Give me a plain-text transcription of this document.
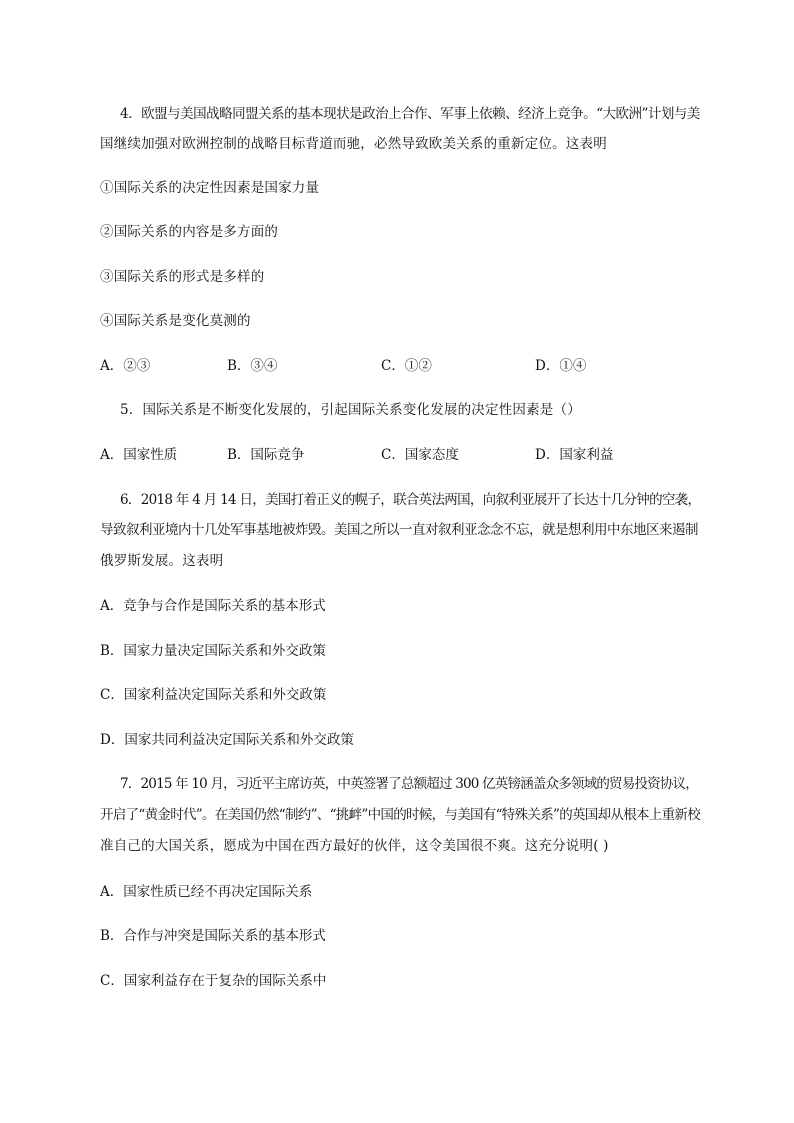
4．欧盟与美国战略同盟关系的基本现状是政治上合作、军事上依赖、经济上竞争。“大欧洲”计划与美
国继续加强对欧洲控制的战略目标背道而驰，必然导致欧美关系的重新定位。这表明
①国际关系的决定性因素是国家力量
②国际关系的内容是多方面的
③国际关系的形式是多样的
④国际关系是变化莫测的
A．②③	B．③④	C．①②	D．①④
5．国际关系是不断变化发展的，引起国际关系变化发展的决定性因素是（）
A．国家性质	B．国际竞争	C．国家态度	D．国家利益
6．2018 年 4 月 14 日，美国打着正义的幌子，联合英法两国，向叙利亚展开了长达十几分钟的空袭，
导致叙利亚境内十几处军事基地被炸毁。美国之所以一直对叙利亚念念不忘，就是想利用中东地区来遏制
俄罗斯发展。这表明
A．竞争与合作是国际关系的基本形式
B．国家力量决定国际关系和外交政策
C．国家利益决定国际关系和外交政策
D．国家共同利益决定国际关系和外交政策
7．2015 年 10 月，习近平主席访英，中英签署了总额超过 300 亿英镑涵盖众多领域的贸易投资协议，
开启了“黄金时代”。在美国仍然“制约”、“挑衅”中国的时候，与美国有“特殊关系”的英国却从根本上重新校
准自己的大国关系，愿成为中国在西方最好的伙伴，这令美国很不爽。这充分说明( )
A．国家性质已经不再决定国际关系
B．合作与冲突是国际关系的基本形式
C．国家利益存在于复杂的国际关系中
